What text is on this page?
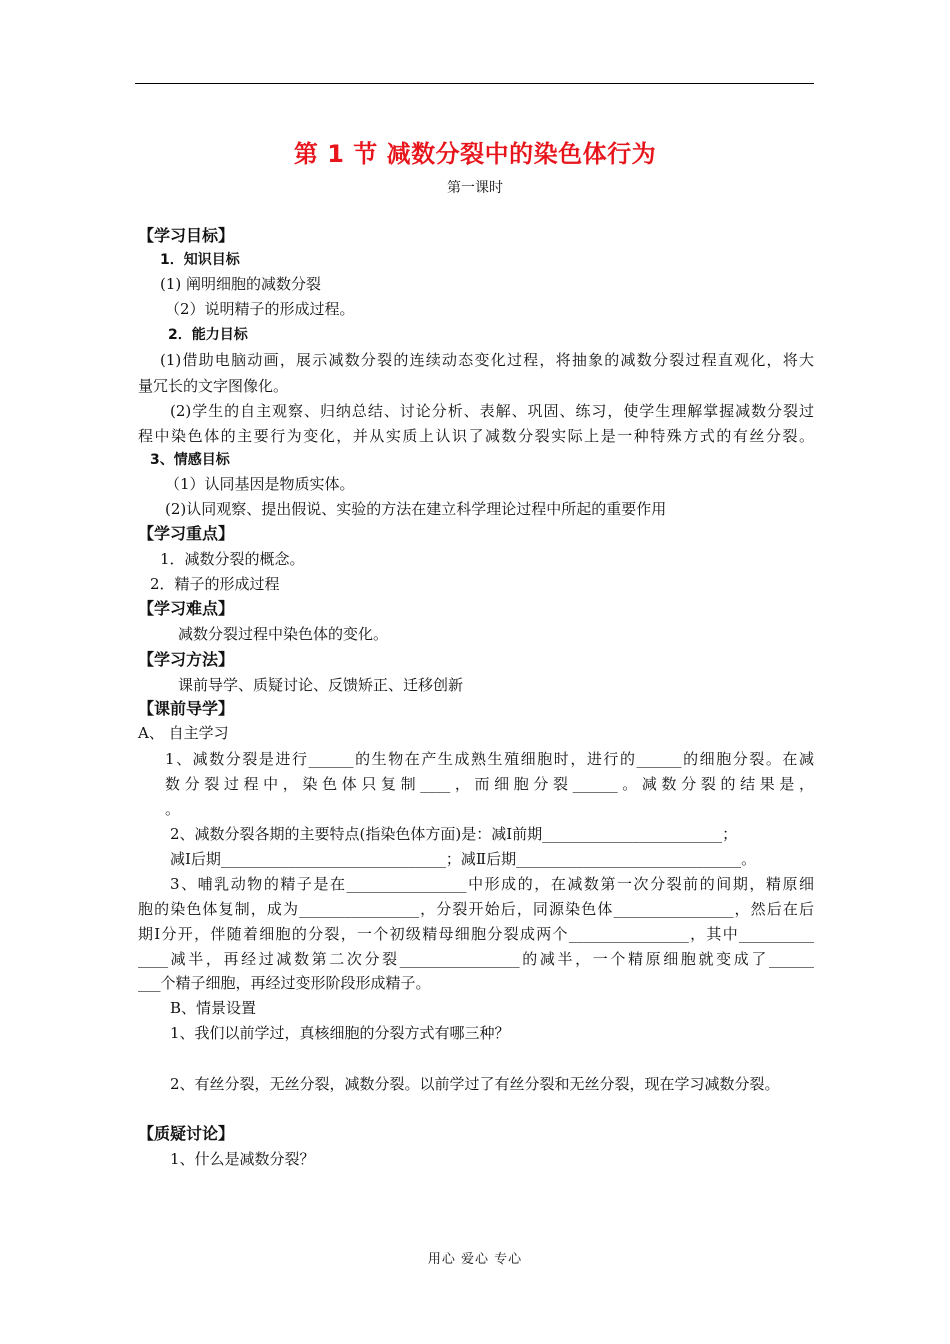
第 1 节 减数分裂中的染色体行为
第一课时
【学习目标】
1．知识目标
(1) 阐明细胞的减数分裂
（2）说明精子的形成过程。
2．能力目标
(1)借助电脑动画，展示减数分裂的连续动态变化过程，将抽象的减数分裂过程直观化，将大
量冗长的文字图像化。
(2)学生的自主观察、归纳总结、讨论分析、表解、巩固、练习，使学生理解掌握减数分裂过
程中染色体的主要行为变化，并从实质上认识了减数分裂实际上是一种特殊方式的有丝分裂。
3、情感目标
（1）认同基因是物质实体。
(2)认同观察、提出假说、实验的方法在建立科学理论过程中所起的重要作用
【学习重点】
1．减数分裂的概念。
2．精子的形成过程
【学习难点】
减数分裂过程中染色体的变化。
【学习方法】
课前导学、质疑讨论、反馈矫正、迁移创新
【课前导学】
A、 自主学习
1、减数分裂是进行______的生物在产生成熟生殖细胞时，进行的______的细胞分裂。在减
数分裂过程中，染色体只复制____，而细胞分裂______。减数分裂的结果是，
。
2、减数分裂各期的主要特点(指染色体方面)是：减Ⅰ前期________________________；
减Ⅰ后期______________________________；减Ⅱ后期______________________________。
3、哺乳动物的精子是在________________中形成的，在减数第一次分裂前的间期，精原细
胞的染色体复制，成为________________，分裂开始后，同源染色体________________，然后在后
期Ⅰ分开，伴随着细胞的分裂，一个初级精母细胞分裂成两个________________，其中__________
____减半，再经过减数第二次分裂________________的减半，一个精原细胞就变成了______
___个精子细胞，再经过变形阶段形成精子。
B、情景设置
1、我们以前学过，真核细胞的分裂方式有哪三种？
2、有丝分裂，无丝分裂，减数分裂。以前学过了有丝分裂和无丝分裂，现在学习减数分裂。
【质疑讨论】
1、什么是减数分裂？
用心 爱心 专心
